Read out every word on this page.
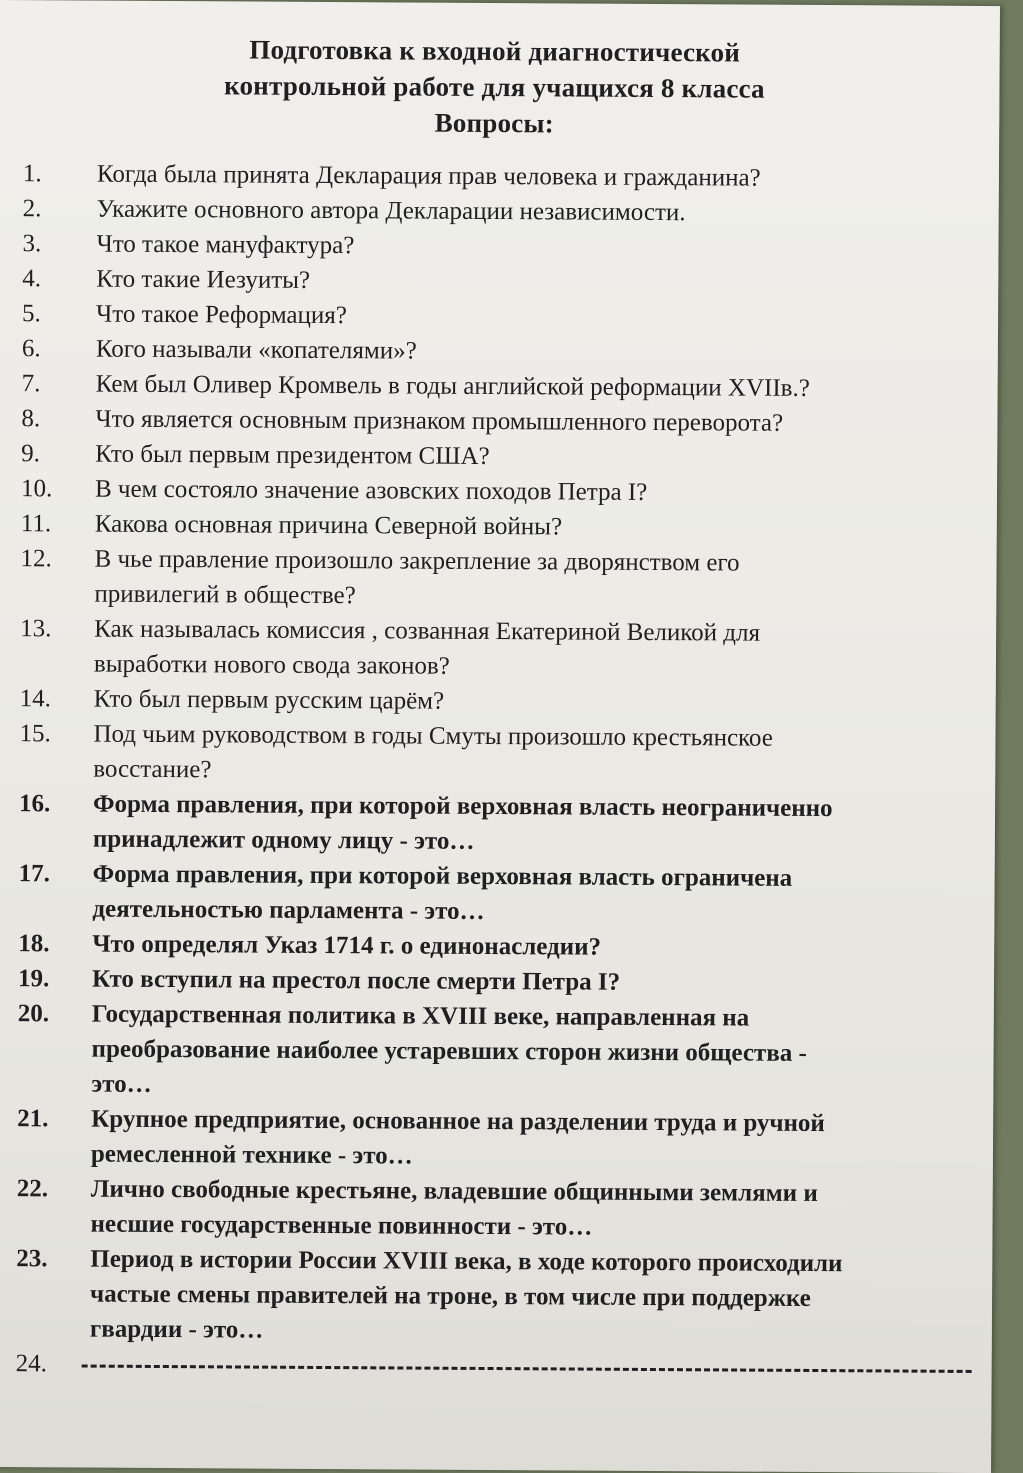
Подготовка к входной диагностической
контрольной работе для учащихся 8 класса
Вопросы:
1.	Когда была принята Декларация прав человека и гражданина?
2.	Укажите основного автора Декларации независимости.
3.	Что такое мануфактура?
4.	Кто такие Иезуиты?
5.	Что такое Реформация?
6.	Кого называли «копателями»?
7.	Кем был Оливер Кромвель в годы английской реформации XVIIв.?
8.	Что является основным признаком промышленного переворота?
9.	Кто был первым президентом США?
10.	В чем состояло значение азовских походов Петра I?
11.	Какова основная причина Северной войны?
12.	В чье правление произошло закрепление за дворянством его
привилегий в обществе?
13.	Как называлась комиссия , созванная Екатериной Великой для
выработки нового свода законов?
14.	Кто был первым русским царём?
15.	Под чьим руководством в годы Смуты произошло крестьянское
восстание?
16.	Форма правления, при которой верховная власть неограниченно
принадлежит одному лицу - это…
17.	Форма правления, при которой верховная власть ограничена
деятельностью парламента - это…
18.	Что определял Указ 1714 г. о единонаследии?
19.	Кто вступил на престол после смерти Петра I?
20.	Государственная политика в XVIII веке, направленная на
преобразование наиболее устаревших сторон жизни общества -
это…
21.	Крупное предприятие, основанное на разделении труда и ручной
ремесленной технике - это…
22.	Лично свободные крестьяне, владевшие общинными землями и
несшие государственные повинности - это…
23.	Период в истории России XVIII века, в ходе которого происходили
частые смены правителей на троне, в том числе при поддержке
гвардии - это…
24.
